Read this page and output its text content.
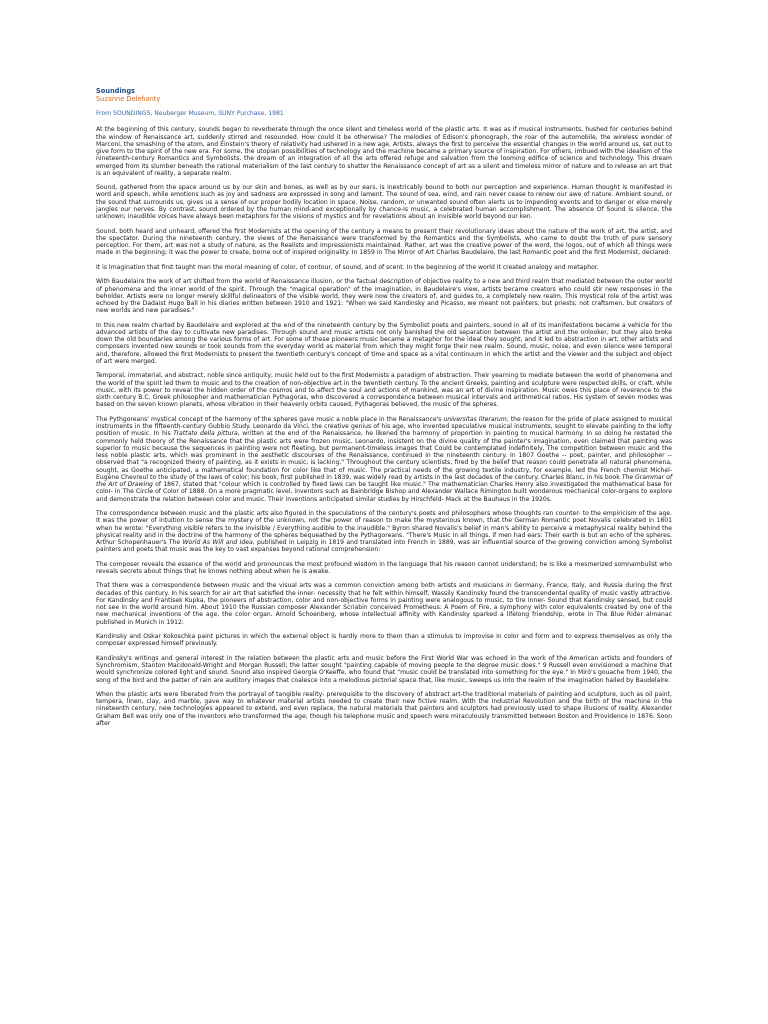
Soundings
Suzanne Delehanty
From SOUNDINGS, Neuberger Museum, SUNY Purchase, 1981

At the beginning of this century, sounds began to reverberate through the once silent and timeless world of the plastic arts. It was as if musical instruments, hushed for centuries behind the window of Renaissance art, suddenly stirred and resounded. How could it be otherwise? The melodies of Edison's phonograph, the roar of the automobile, the wireless wonder of Marconi, the smashing of the atom, and Einstein's theory of relativity had ushered in a new age. Artists, always the first to perceive the essential changes in the world around us, set out to give form to the spirit of the new era. For some, the utopian possibilities of technology and the machine became a primary source of inspiration. For others, imbued with the idealism of the nineteenth-century Romantics and Symbolists, the dream of an integration of all the arts offered refuge and salvation from the looming edifice of science and technology. This dream emerged from its slumber beneath the rational materialism of the last century to shatter the Renaissance concept of art as a silent and timeless mirror of nature and to release an art that is an equivalent of reality, a separate realm.

Sound, gathered from the space around us by our skin and bones, as well as by our ears, is inextricably bound to both our perception and experience. Human thought is manifested in word and speech, while emotions such as joy and sadness are expressed in song and lament. The sound of sea, wind, and rain never cease to renew our awe of nature. Ambient sound, or the sound that surrounds us, gives us a sense of our proper bodily location in space. Noise, random, or unwanted sound often alerts us to impending events and to danger or else merely jangles our nerves. By contrast, sound ordered by the human mind-and exceptionally by chance-is music, a celebrated human accomplishment. The absence Of Sound is silence, the unknown; inaudible voices have always been metaphors for the visions of mystics and for revelations about an invisible world beyond our ken.

Sound, both heard and unheard, offered the first Modernists at the opening of the century a means to present their revolutionary ideas about the nature of the work of art, the artist, and the spectator. During the nineteenth century, the views of the Renaissance were transformed by the Romantics and the Symbolists, who came to doubt the truth of pure sensory perception. For them, art was not a study of nature, as the Realists and Impressionists maintained. Rather, art was the creative power of the word, the logos, out of which all things were made in the beginning; it was the power to create, borne out of inspired originality. In 1859 in The Mirror of Art Charles Baudelaire, the last Romantic poet and the first Modernist, declared:

It is Imagination that first taught man the moral meaning of color, of contour, of sound, and of scent. In the beginning of the world it created analogy and metaphor.

With Baudelaire the work of art shifted from the world of Renaissance illusion, or the factual description of objective reality to a new and third realm that mediated between the outer world of phenomena and the inner world of the spirit. Through the "magical operation" of the imagination, in Baudelaire's view, artists became creators who could stir new responses in the beholder. Artists were no longer merely skillful delineators of the visible world, they were now the creators of, and guides to, a completely new realm. This mystical role of the artist was echoed by the Dadaist Hugo Ball in his diaries written between 1910 and 1921: "When we said Kandinsky and Picasso, we meant not painters, but priests; not craftsmen, but creators of new worlds and new paradises."

In this new realm charted by Baudelaire and explored at the end of the nineteenth century by the Symbolist poets and painters, sound in all of its manifestations became a vehicle for the advanced artists of the day to cultivate new paradises. Through sound and music artists not only banished the old separation between the artist and the onlooker, but they also broke down the old boundaries among the various forms of art. For some of these pioneers music became a metaphor for the ideal they sought, and it led to abstraction in art; other artists and composers invented new sounds or took sounds from the everyday world as material from which they might forge their new realm. Sound, music, noise, and even silence were temporal and, therefore, allowed the first Modernists to present the twentieth century's concept of time and space as a vital continuum in which the artist and the viewer and the subject and object of art were merged.

Temporal, immaterial, and abstract, noble since antiquity, music held out to the first Modernists a paradigm of abstraction. Their yearning to mediate between the world of phenomena and the world of the spirit led them to music and to the creation of non-objective art in the twentieth century. To the ancient Greeks, painting and sculpture were respected skills, or craft, while music, with its power to reveal the hidden order of the cosmos and to affect the soul and actions of mankind, was an art of divine inspiration. Music owes this place of reverence to the sixth century B.C. Greek philosopher and mathematician Pythagoras, who discovered a correspondence between musical intervals and arithmetical ratios. His system of seven modes was based on the seven known planets, whose vibration in their heavenly orbits caused, Pythagoras believed, the music of the spheres.

The Pythgoreans' mystical concept of the harmony of the spheres gave music a noble place in the Renaissance's universitas literarum, the reason for the pride of place assigned to musical instruments in the fifteenth-century Gubbio Study. Leonardo da Vinci, the creative genius of his age, who invented speculative musical instruments, sought to elevate painting to the lofty position of music. In his Trattato della pittura, written at the end of the Renaissance, he likened the harmony of proportion in painting to musical harmony. In so doing he restated the commonly held theory of the Renaissance that the plastic arts were frozen music. Leonardo, insistent on the divine quality of the painter's imagination, even claimed that painting was superior to music because the sequences in painting were not fleeting, but permanent-timeless images that Could be contemplated indefinitely, The competition between music and the less noble plastic arts, which was prominent in the aesthetic discourses of the Renaissance, continued in the nineteenth century. In 1807 Goethe -- poet, painter, and philosopher -- observed that "a recognized theory of painting, as it exists in music, is lacking." Throughout the century scientists, fired by the belief that reason could penetrate all natural phenomena, sought, as Goethe anticipated, a mathematical foundation for color like that of music. The practical needs of the growing textile industry, for example, led the French chemist Michel-Eugène Chevreul to the study of the laws of color; his book, first published in 1839, was widely read by artists in the last decades of the century. Charles Blanc, in his book The Grammar of the Art of Drawing of 1867, stated that "colour which is controlled by fixed laws can be taught like music." The mathematician Charles Henry also investigated the mathematical base for color- in The Circle of Color of 1888. On a more pragmatic level, inventors such as Bainbridge Bishop and Alexander Wallace Rimington built wonderous mechanical color-organs to explore and demonstrate the relation between color and music. Their inventions anticipated similar studies by Hirschfeld- Mack at the Bauhaus in the 1920s.

The correspondence between music and the plastic arts also figured in the speculations of the century's poets and philosophers whose thoughts ran counter- to the empiricism of the age. It was the power of intuition to sense the mystery of the unknown, not the power of reason to make the mysterious known, that the German Romantic poet Novalis celebrated in 1801 when he wrote: "Everything visible refers to the invisible / Everything audible to the inaudible." Byron shared Novalis's belief in man's ability to perceive a metaphysical reality behind the physical reality and in the doctrine of the harmony of the spheres bequeathed by the Pythagoreans. "There's Music in all things, if men had ears: Their earth is but an echo of the spheres. Arthur Schopenhauer's The World As Will and Idea, published in Leipzig in 1819 and translated into French in 1889, was air influential source of the growing conviction among Symbolist painters and poets that music was the key to vast expanses beyond rational comprehension:

The composer reveals the essence of the world and pronounces the most profound wisdom in the language that his reason cannot understand; he is like a mesmerized somnambulist who reveals secrets about things that he knows nothing about when he is awake.

That there was a correspondence between music and the visual arts was a common conviction among both artists and musicians in Germany, France, Italy, and Russia during the first decades of this century. In his search for air art that satisfied the inner- necessity that he felt within himself, Wassily Kandinsky found the transcendental quality of music vastly attractive. For Kandinsky and Frantisek Kupka, the pioneers of abstraction, color and non-objective forms in painting were analogous to music, to tire inner- Sound that Kandinsky sensed, but could not see in the world around him. About 1910 the Russian composer Alexander Scriabin conceived Prometheus: A Poem of Fire, a symphony with color equivalents created by one of the new mechanical inventions of the age, the color organ. Arnold Schoenberg, whose intellectual affinity with Kandinsky sparked a lifelong friendship, wrote in The Blue Rider almanac published in Munich in 1912:

Kandinsky and Oskar Kokoschka paint pictures in which the external object is hardly more to them than a stimulus to improvise in color and form and to express themselves as only the composer expressed himself previously.

Kandinsky's writings and general interest in the relation between the plastic arts and music before the First World War was echoed in the work of the American artists and founders of Synchromism, Stanton Macdonald-Wright and Morgan Russell; the latter sought "painting capable of moving people to the degree music does." 9 Russell even envisioned a machine that would synchronize colored light and sound. Sound also inspired Georgia O'Keeffe, who found that "music could be translated into something for the eye." In Miró's gouache from 1940, the song of the bird and the patter of rain are auditory images that coalesce into a melodious pictorial space that, like music, sweeps us into the realm of the imagination hailed by Baudelaire.

When the plastic arts were liberated from the portrayal of tangible reality- prerequisite to the discovery of abstract art-the traditional materials of painting and sculpture, such as oil paint, tempera, linen, clay, and marble, gave way to whatever material artists needed to create their new fictive realm. With the Industrial Revolution and the birth of the machine in the nineteenth century, new technologies appeared to extend, and even replace, the natural materials that painters and sculptors had previously used to shape illusions of reality. Alexander Graham Bell was only one of the inventors who transformed the age; though his telephone music and speech were miraculously transmitted between Boston and Providence in 1876. Soon after
